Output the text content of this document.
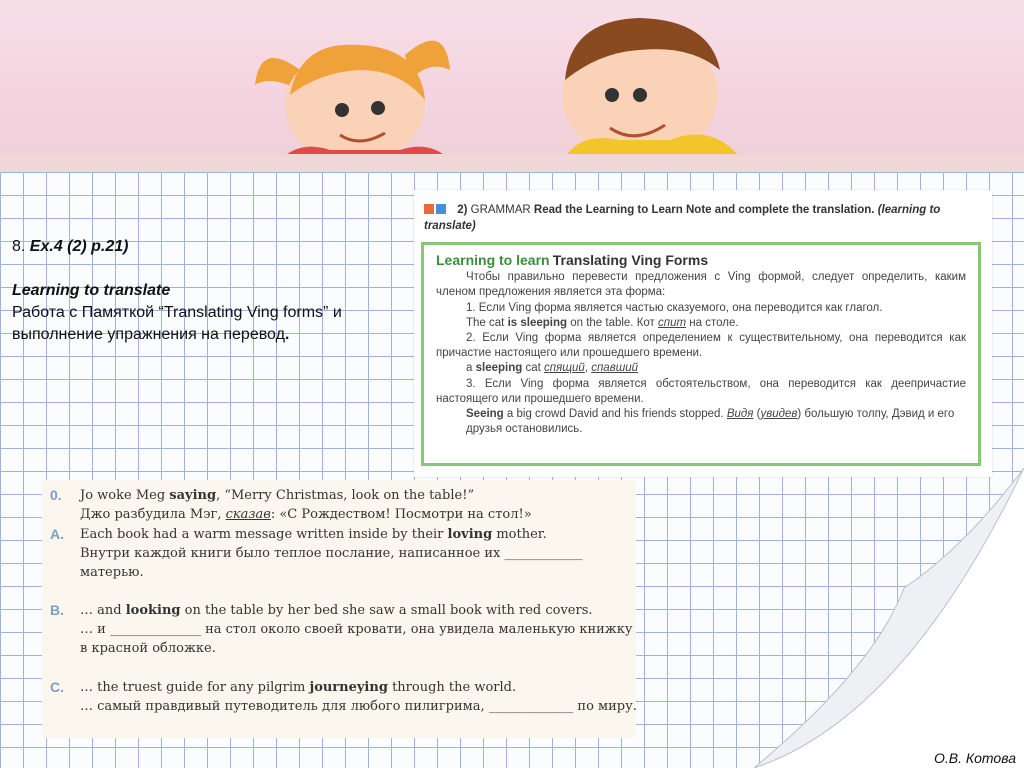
8. Ex.4 (2) p.21)
Learning to translate
Работа с Памяткой “Translating Ving forms” и выполнение упражнения на перевод.
2) GRAMMAR Read the Learning to Learn Note and complete the translation. (learning to translate)
Learning to learn Translating Ving Forms

Чтобы правильно перевести предложения с Ving формой, следует определить, каким членом предложения является эта форма:

1. Если Ving форма является частью сказуемого, она переводится как глагол.

The cat is sleeping on the table. Кот спит на столе.

2. Если Ving форма является определением к существительному, она переводится как причастие настоящего или прошедшего времени.

a sleeping cat спящий, спавший

3. Если Ving форма является обстоятельством, она переводится как деепричастие настоящего или прошедшего времени.

Seeing a big crowd David and his friends stopped. Видя (увидев) большую толпу, Дэвид и его друзья остановились.
0. Jo woke Meg saying, “Merry Christmas, look on the table!”
Джо разбудила Мэг, сказав: «С Рождеством! Посмотри на стол!»
A. Each book had a warm message written inside by their loving mother.
Внутри каждой книги было теплое послание, написанное их ____________ матерью.
B. … and looking on the table by her bed she saw a small book with red covers.
… и ______________ на стол около своей кровати, она увидела маленькую книжку в красной обложке.
C. … the truest guide for any pilgrim journeying through the world.
… самый правдивый путеводитель для любого пилигрима, _____________ по миру.
О.В. Котова
